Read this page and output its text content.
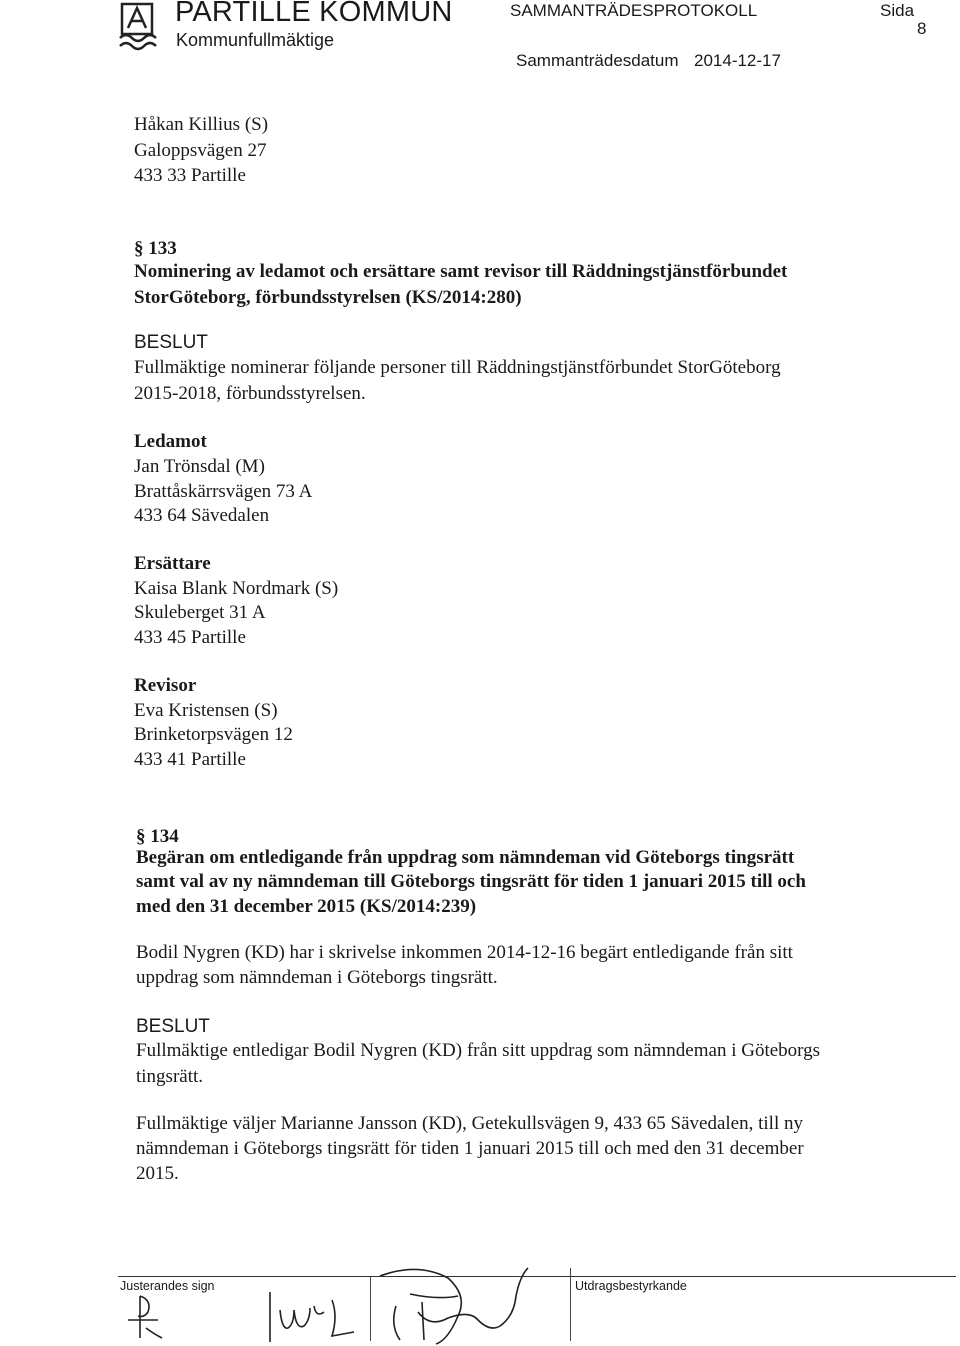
PARTILLE KOMMUN
Kommunfullmäktige
SAMMANTRÄDESPROTOKOLL	Sida
8
Sammanträdesdatum 2014-12-17
Håkan Killius (S)
Galoppsvägen 27
433 33 Partille
§ 133
Nominering av ledamot och ersättare samt revisor till Räddningstjänstförbundet
StorGöteborg, förbundsstyrelsen (KS/2014:280)
BESLUT
Fullmäktige nominerar följande personer till Räddningstjänstförbundet StorGöteborg
2015-2018, förbundsstyrelsen.
Ledamot
Jan Trönsdal (M)
Brattåskärrsvägen 73 A
433 64 Sävedalen
Ersättare
Kaisa Blank Nordmark (S)
Skuleberget 31 A
433 45 Partille
Revisor
Eva Kristensen (S)
Brinketorpsvägen 12
433 41 Partille
§ 134
Begäran om entledigande från uppdrag som nämndeman vid Göteborgs tingsrätt
samt val av ny nämndeman till Göteborgs tingsrätt för tiden 1 januari 2015 till och
med den 31 december 2015 (KS/2014:239)
Bodil Nygren (KD) har i skrivelse inkommen 2014-12-16 begärt entledigande från sitt
uppdrag som nämndeman i Göteborgs tingsrätt.
BESLUT
Fullmäktige entledigar Bodil Nygren (KD) från sitt uppdrag som nämndeman i Göteborgs
tingsrätt.
Fullmäktige väljer Marianne Jansson (KD), Getekullsvägen 9, 433 65 Sävedalen, till ny
nämndeman i Göteborgs tingsrätt för tiden 1 januari 2015 till och med den 31 december
2015.
Justerandes sign	Utdragsbestyrkande
